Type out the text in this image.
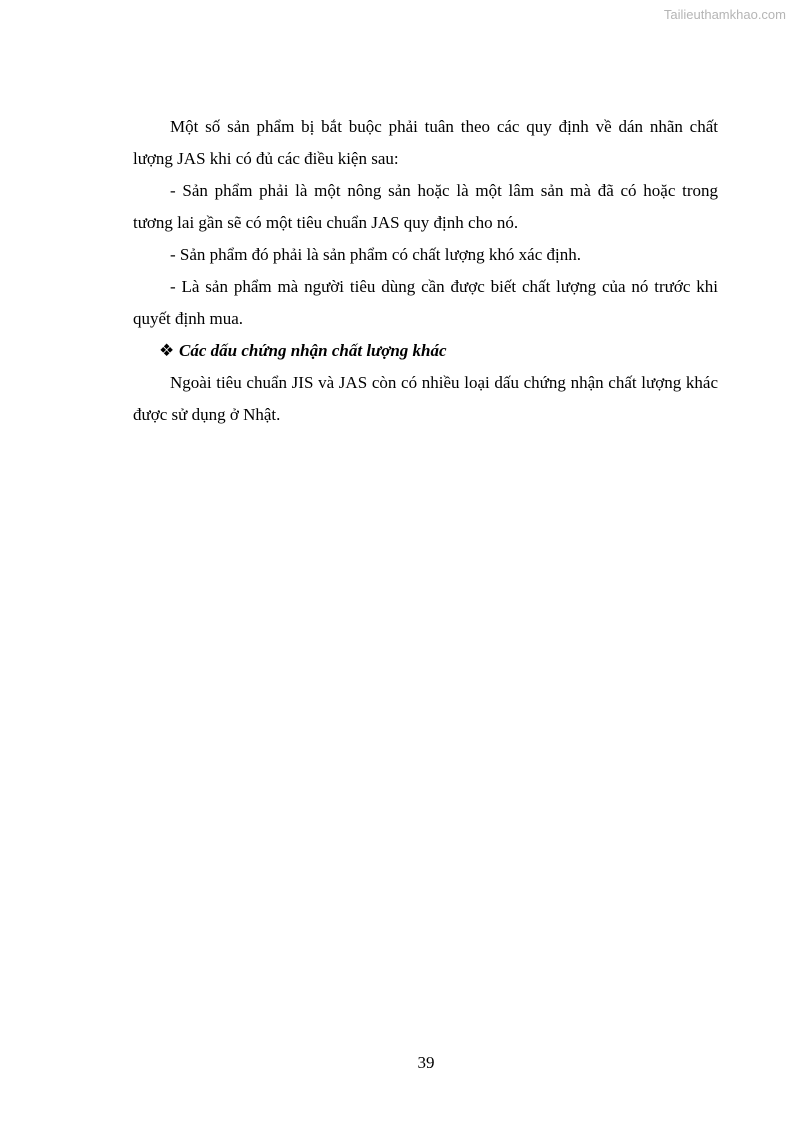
Tailieuthamkhao.com

Một số sản phẩm bị bắt buộc phải tuân theo các quy định về dán nhãn chất lượng JAS khi có đủ các điều kiện sau:

- Sản phẩm phải là một nông sản hoặc là một lâm sản mà đã có hoặc trong tương lai gần sẽ có một tiêu chuẩn JAS quy định cho nó.

- Sản phẩm đó phải là sản phẩm có chất lượng khó xác định.

- Là sản phẩm mà người tiêu dùng cần được biết chất lượng của nó trước khi quyết định mua.

❖ Các dấu chứng nhận chất lượng khác

Ngoài tiêu chuẩn JIS và JAS còn có nhiều loại dấu chứng nhận chất lượng khác được sử dụng ở Nhật.

39
